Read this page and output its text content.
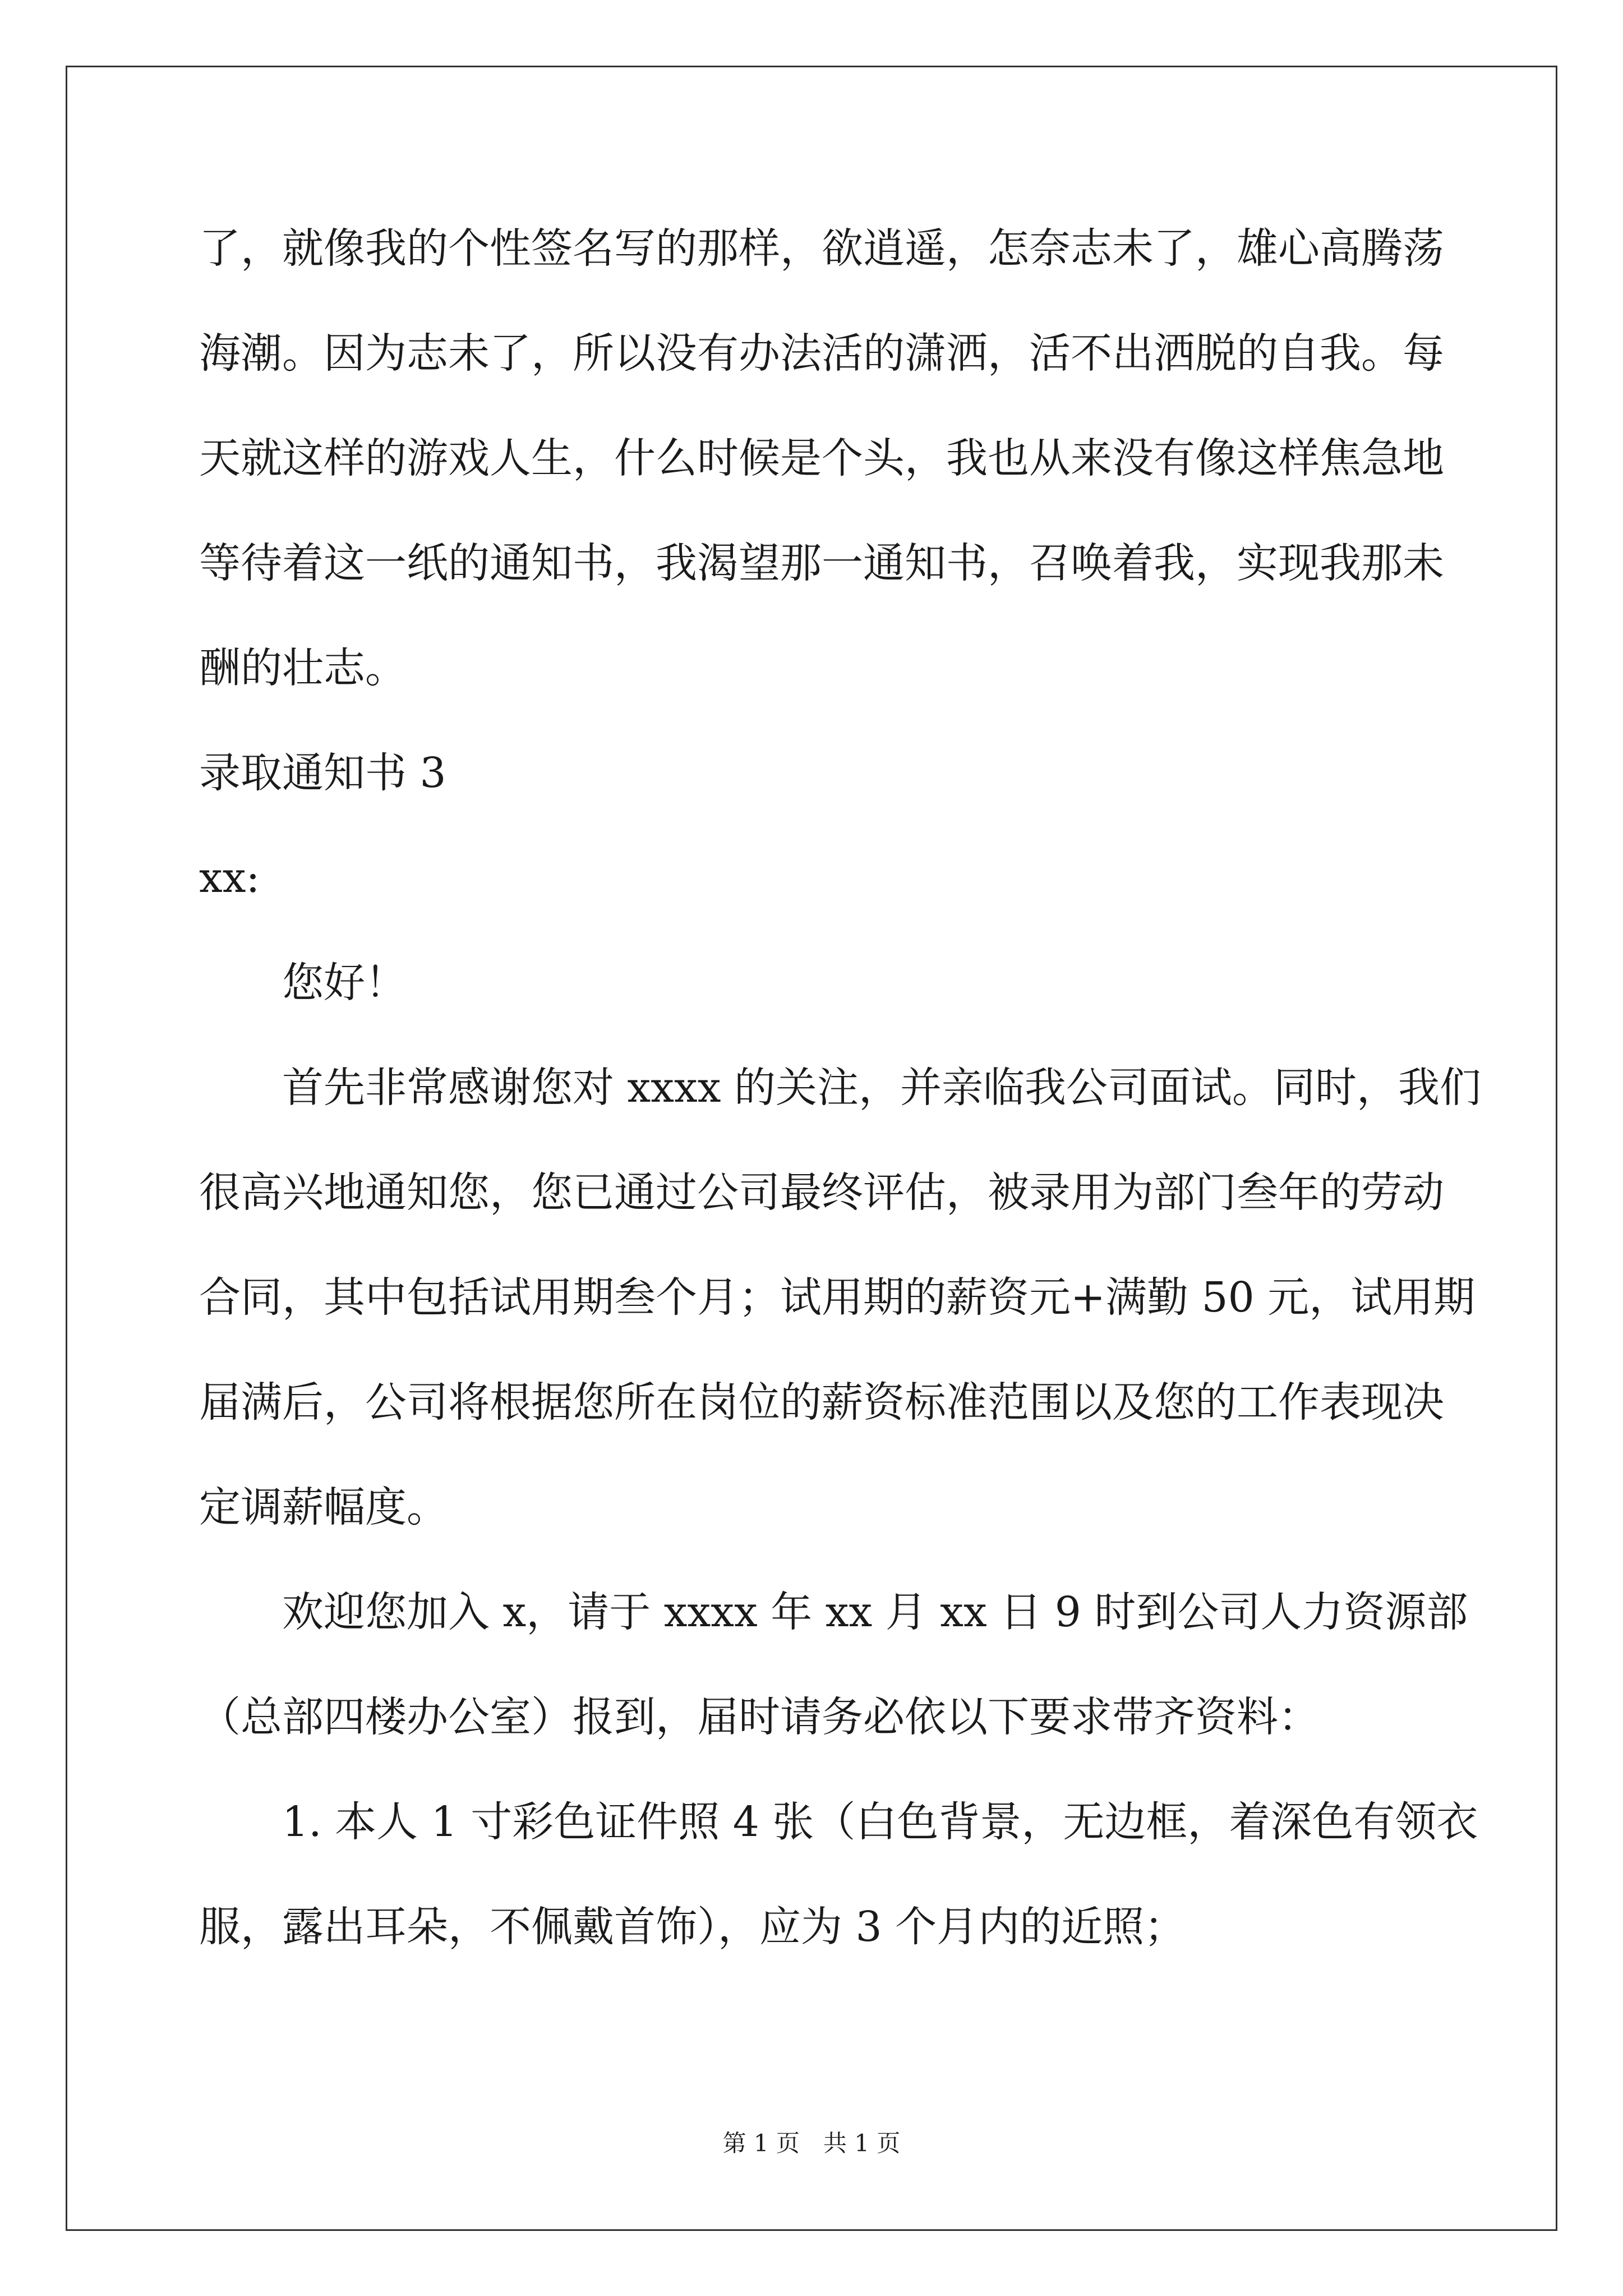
了，就像我的个性签名写的那样，欲逍遥，怎奈志未了，雄心高腾荡
海潮。因为志未了，所以没有办法活的潇洒，活不出洒脱的自我。每
天就这样的游戏人生，什么时候是个头，我也从来没有像这样焦急地
等待着这一纸的通知书，我渴望那一通知书，召唤着我，实现我那未
酬的壮志。
录取通知书 3
xx:
您好！
首先非常感谢您对 xxxx 的关注，并亲临我公司面试。同时，我们
很高兴地通知您，您已通过公司最终评估，被录用为部门叁年的劳动
合同，其中包括试用期叁个月；试用期的薪资元+满勤 50 元，试用期
届满后，公司将根据您所在岗位的薪资标准范围以及您的工作表现决
定调薪幅度。
欢迎您加入 x，请于 xxxx 年 xx 月 xx 日 9 时到公司人力资源部
（总部四楼办公室）报到，届时请务必依以下要求带齐资料：
1. 本人 1 寸彩色证件照 4 张（白色背景，无边框，着深色有领衣
服，露出耳朵，不佩戴首饰），应为 3 个月内的近照；
第 1 页　共 1 页
